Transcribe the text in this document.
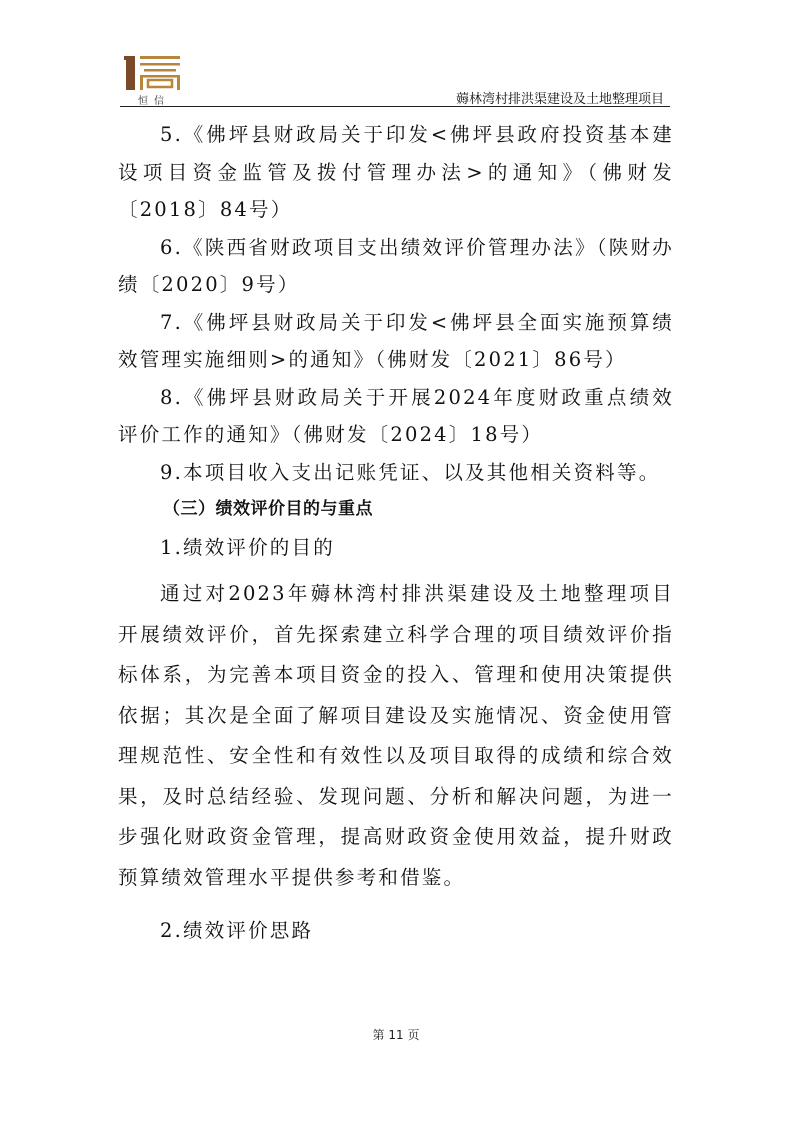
恒信	薅林湾村排洪渠建设及土地整理项目

5.《佛坪县财政局关于印发<佛坪县政府投资基本建设项目资金监管及拨付管理办法>的通知》（佛财发〔2018〕84号）

6.《陕西省财政项目支出绩效评价管理办法》（陕财办绩〔2020〕9号）

7.《佛坪县财政局关于印发<佛坪县全面实施预算绩效管理实施细则>的通知》（佛财发〔2021〕86号）

8.《佛坪县财政局关于开展2024年度财政重点绩效评价工作的通知》（佛财发〔2024〕18号）

9.本项目收入支出记账凭证、以及其他相关资料等。

（三）绩效评价目的与重点

1.绩效评价的目的

通过对2023年薅林湾村排洪渠建设及土地整理项目开展绩效评价，首先探索建立科学合理的项目绩效评价指标体系，为完善本项目资金的投入、管理和使用决策提供依据；其次是全面了解项目建设及实施情况、资金使用管理规范性、安全性和有效性以及项目取得的成绩和综合效果，及时总结经验、发现问题、分析和解决问题，为进一步强化财政资金管理，提高财政资金使用效益，提升财政预算绩效管理水平提供参考和借鉴。

2.绩效评价思路

第 11 页
